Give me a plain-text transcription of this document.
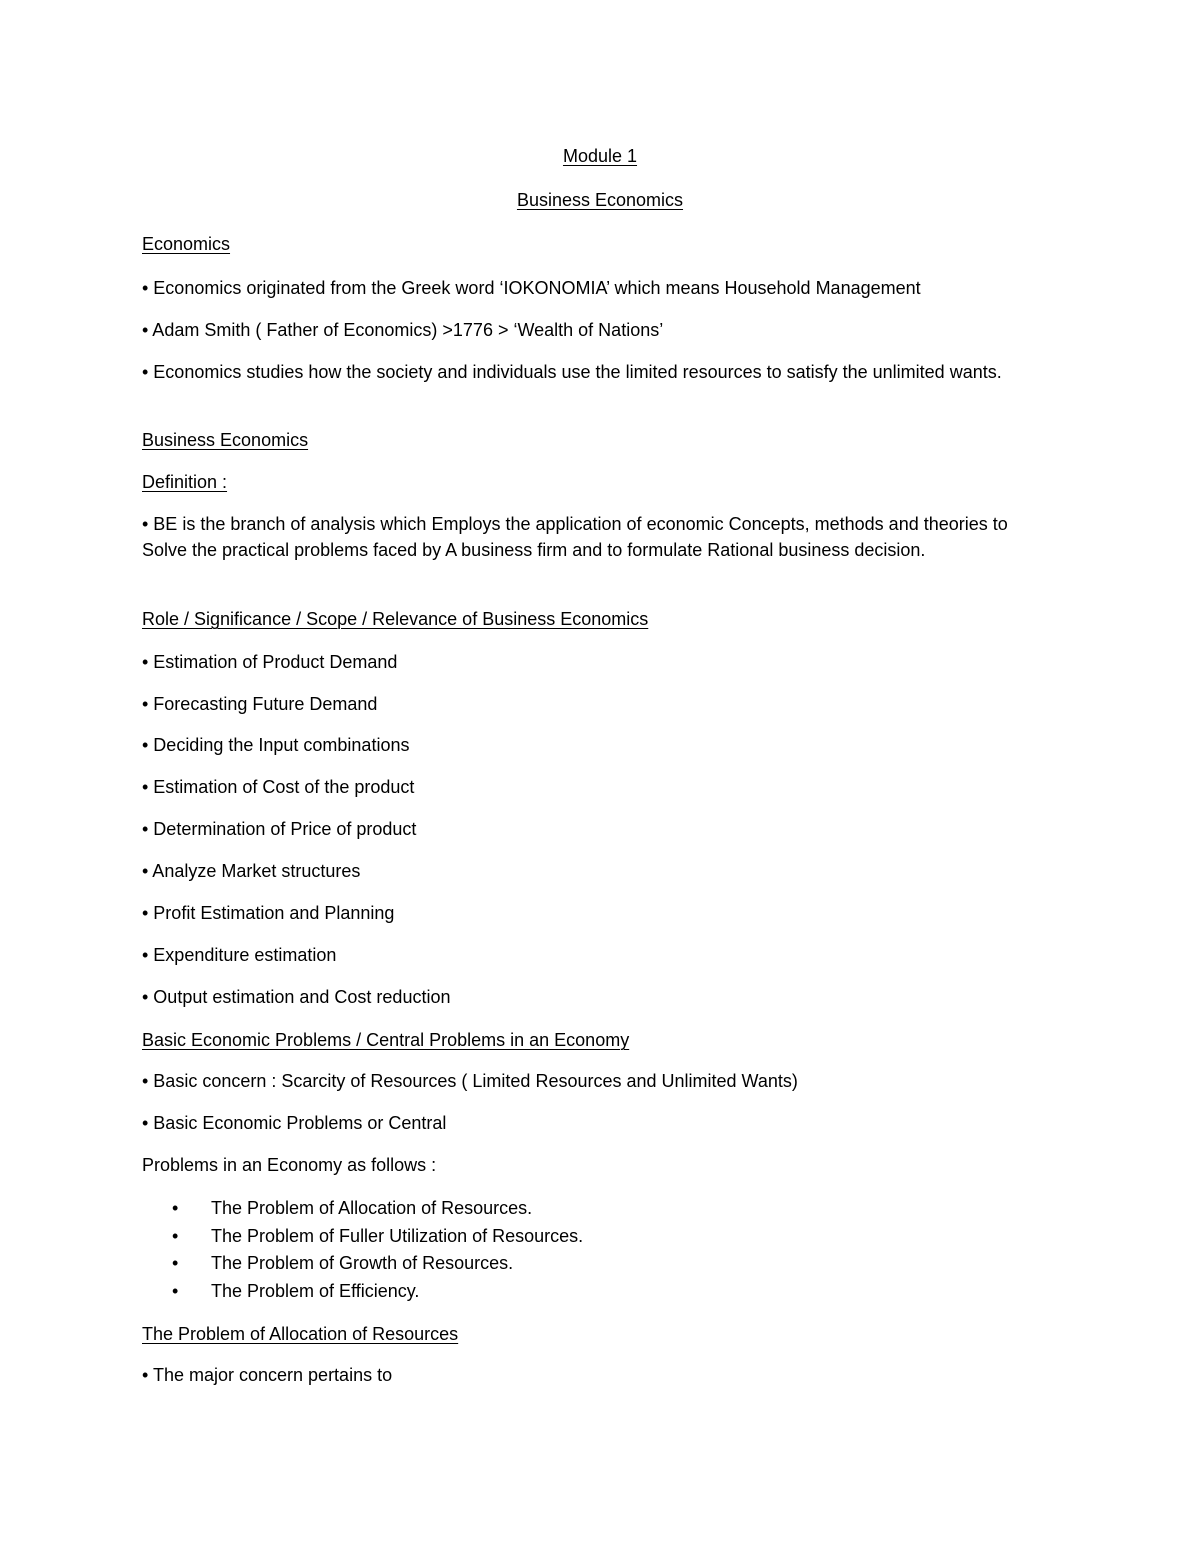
Module 1

Business Economics

Economics

• Economics originated from the Greek word ‘IOKONOMIA’ which means Household Management

• Adam Smith ( Father of Economics) >1776 > ‘Wealth of Nations’

• Economics studies how the society and individuals use the limited resources to satisfy the unlimited wants.

Business Economics

Definition :

• BE is the branch of analysis which Employs the application of economic Concepts, methods and theories to Solve the practical problems faced by A business firm and to formulate Rational business decision.

Role / Significance / Scope / Relevance of Business Economics

• Estimation of Product Demand

• Forecasting Future Demand

• Deciding the Input combinations

• Estimation of Cost of the product

• Determination of Price of product

• Analyze Market structures

• Profit Estimation and Planning

• Expenditure estimation

• Output estimation and Cost reduction

Basic Economic Problems / Central Problems in an Economy

• Basic concern : Scarcity of Resources ( Limited Resources and Unlimited Wants)

• Basic Economic Problems or Central

Problems in an Economy as follows :

• The Problem of Allocation of Resources.
• The Problem of Fuller Utilization of Resources.
• The Problem of Growth of Resources.
• The Problem of Efficiency.

The Problem of Allocation of Resources

• The major concern pertains to
